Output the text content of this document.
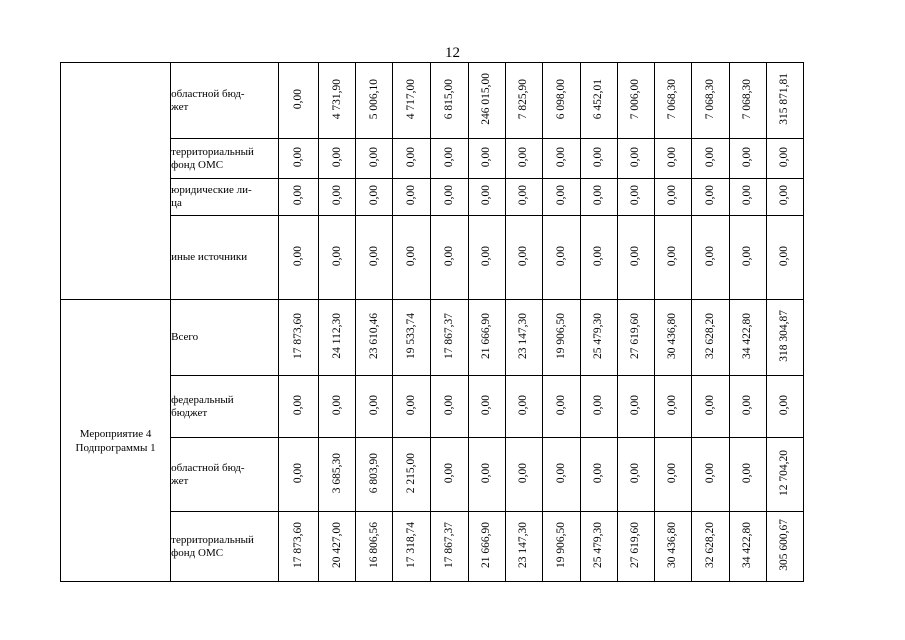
12
	областной бюд-
жет	0,00	4 731,90	5 006,10	4 717,00	6 815,00	246 015,00	7 825,90	6 098,00	6 452,01	7 006,00	7 068,30	7 068,30	7 068,30	315 871,81
	территориальный
фонд ОМС	0,00	0,00	0,00	0,00	0,00	0,00	0,00	0,00	0,00	0,00	0,00	0,00	0,00	0,00
	юридические ли-
ца	0,00	0,00	0,00	0,00	0,00	0,00	0,00	0,00	0,00	0,00	0,00	0,00	0,00	0,00
	иные источники	0,00	0,00	0,00	0,00	0,00	0,00	0,00	0,00	0,00	0,00	0,00	0,00	0,00	0,00
Мероприятие 4
Подпрограммы 1	Всего	17 873,60	24 112,30	23 610,46	19 533,74	17 867,37	21 666,90	23 147,30	19 906,50	25 479,30	27 619,60	30 436,80	32 628,20	34 422,80	318 304,87
	федеральный
бюджет	0,00	0,00	0,00	0,00	0,00	0,00	0,00	0,00	0,00	0,00	0,00	0,00	0,00	0,00
	областной бюд-
жет	0,00	3 685,30	6 803,90	2 215,00	0,00	0,00	0,00	0,00	0,00	0,00	0,00	0,00	0,00	12 704,20
	территориальный
фонд ОМС	17 873,60	20 427,00	16 806,56	17 318,74	17 867,37	21 666,90	23 147,30	19 906,50	25 479,30	27 619,60	30 436,80	32 628,20	34 422,80	305 600,67
